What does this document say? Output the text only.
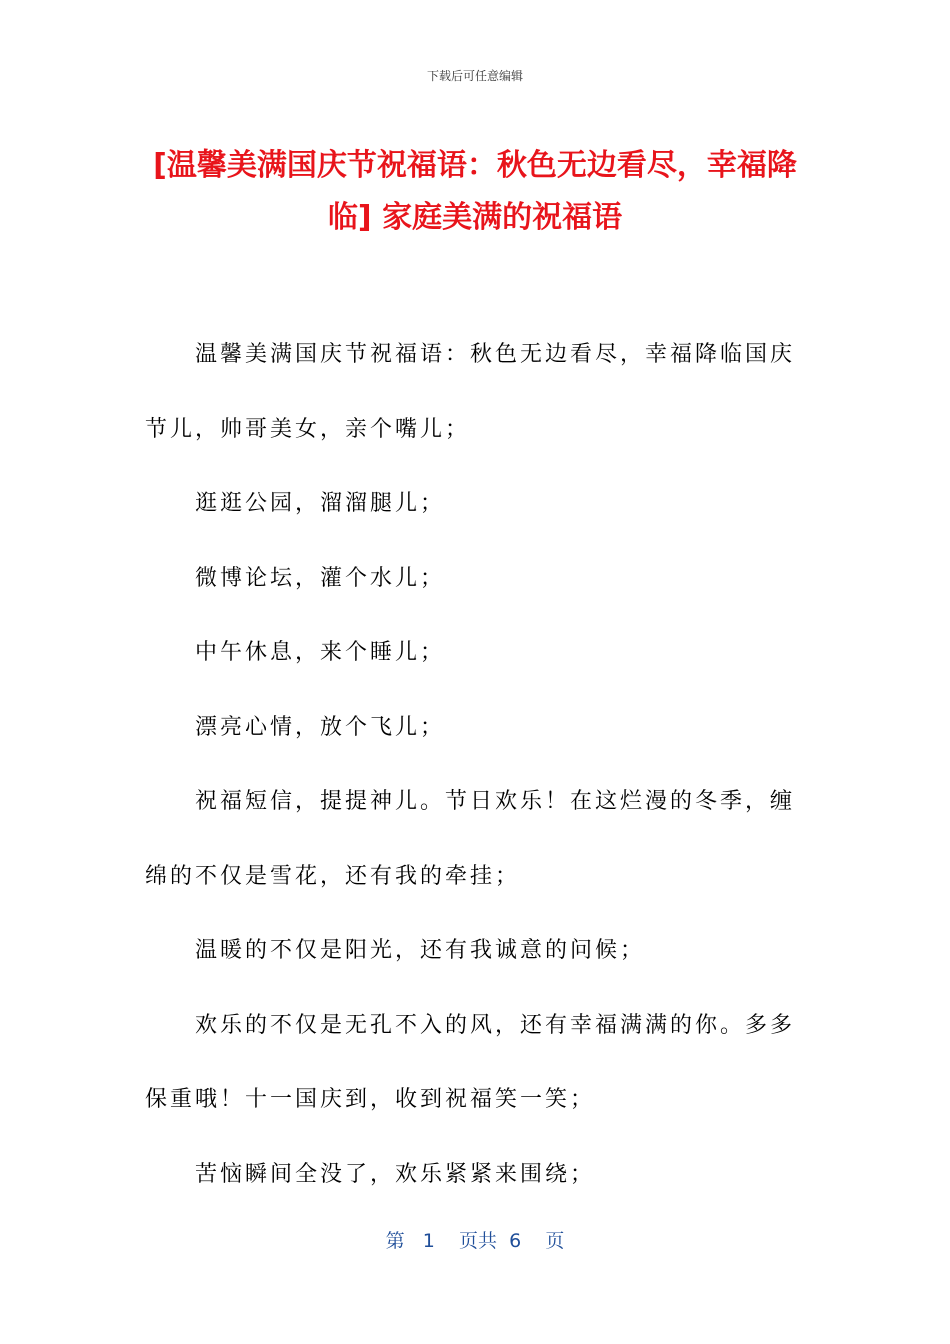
下载后可任意编辑
[温馨美满国庆节祝福语：秋色无边看尽，幸福降临] 家庭美满的祝福语

温馨美满国庆节祝福语：秋色无边看尽，幸福降临国庆节儿，帅哥美女，亲个嘴儿；

逛逛公园，溜溜腿儿；

微博论坛，灌个水儿；

中午休息，来个睡儿；

漂亮心情，放个飞儿；

祝福短信，提提神儿。节日欢乐！在这烂漫的冬季，缠绵的不仅是雪花，还有我的牵挂；

温暖的不仅是阳光，还有我诚意的问候；

欢乐的不仅是无孔不入的风，还有幸福满满的你。多多保重哦！十一国庆到，收到祝福笑一笑；

苦恼瞬间全没了，欢乐紧紧来围绕；

第 1 页共 6 页
